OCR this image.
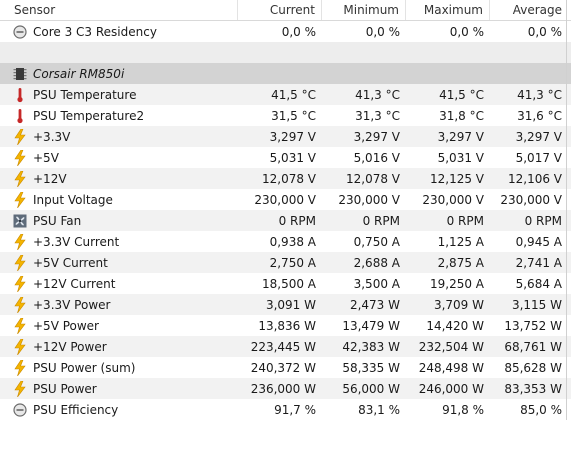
Sensor	Current	Minimum	Maximum	Average
Core 3 C3 Residency	0,0 %	0,0 %	0,0 %	0,0 %
Corsair RM850i
PSU Temperature	41,5 °C	41,3 °C	41,5 °C	41,3 °C
PSU Temperature2	31,5 °C	31,3 °C	31,8 °C	31,6 °C
+3.3V	3,297 V	3,297 V	3,297 V	3,297 V
+5V	5,031 V	5,016 V	5,031 V	5,017 V
+12V	12,078 V	12,078 V	12,125 V	12,106 V
Input Voltage	230,000 V	230,000 V	230,000 V	230,000 V
PSU Fan	0 RPM	0 RPM	0 RPM	0 RPM
+3.3V Current	0,938 A	0,750 A	1,125 A	0,945 A
+5V Current	2,750 A	2,688 A	2,875 A	2,741 A
+12V Current	18,500 A	3,500 A	19,250 A	5,684 A
+3.3V Power	3,091 W	2,473 W	3,709 W	3,115 W
+5V Power	13,836 W	13,479 W	14,420 W	13,752 W
+12V Power	223,445 W	42,383 W	232,504 W	68,761 W
PSU Power (sum)	240,372 W	58,335 W	248,498 W	85,628 W
PSU Power	236,000 W	56,000 W	246,000 W	83,353 W
PSU Efficiency	91,7 %	83,1 %	91,8 %	85,0 %
